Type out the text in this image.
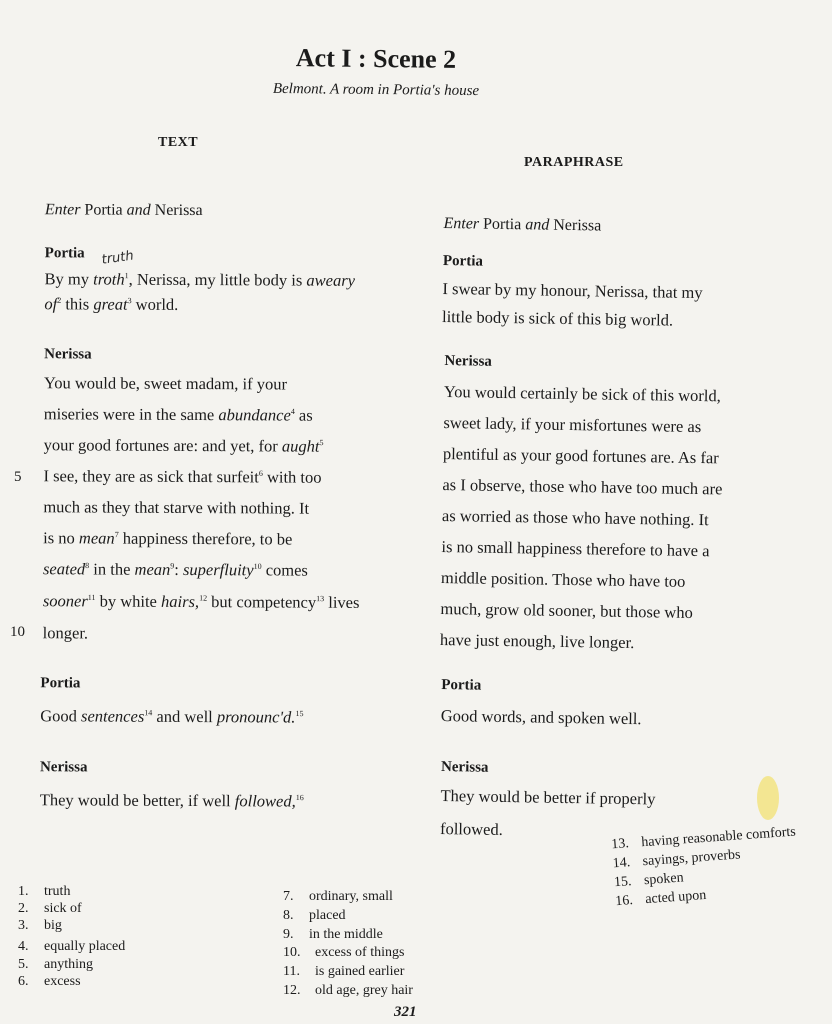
Act I : Scene 2
Belmont. A room in Portia's house
TEXT
PARAPHRASE
Enter Portia and Nerissa
truth
Portia
By my troth$^1$, Nerissa, my little body is aweary
$of^2$ this great$^3$ world.
Nerissa
You would be, sweet madam, if your
miseries were in the same abundance$^4$ as
your good fortunes are: and yet, for aught$^5$
I see, they are as sick that surfeit$^6$ with too
much as they that starve with nothing. It
is no mean$^7$ happiness therefore, to be
seated$^8$ in the mean$^9$: superfluity$^{10}$ comes
sooner$^{11}$ by white hairs,$^{12}$ but competency$^{13}$ lives
longer.
Portia
Good sentences$^{14}$ and well pronounc'd.$^{15}$
Nerissa
They would be better, if well followed,$^{16}$
5
10
Enter Portia and Nerissa
Portia
I swear by my honour, Nerissa, that my
little body is sick of this big world.
Nerissa
You would certainly be sick of this world,
sweet lady, if your misfortunes were as
plentiful as your good fortunes are. As far
as I observe, those who have too much are
as worried as those who have nothing. It
is no small happiness therefore to have a
middle position. Those who have too
much, grow old sooner, but those who
have just enough, live longer.
Portia
Good words, and spoken well.
Nerissa
They would be better if properly
followed.
1. truth
2. sick of
3. big
4. equally placed
5. anything
6. excess
7. ordinary, small
8. placed
9. in the middle
10. excess of things
11. is gained earlier
12. old age, grey hair
13. having reasonable comforts
14. sayings, proverbs
15. spoken
16. acted upon
321
